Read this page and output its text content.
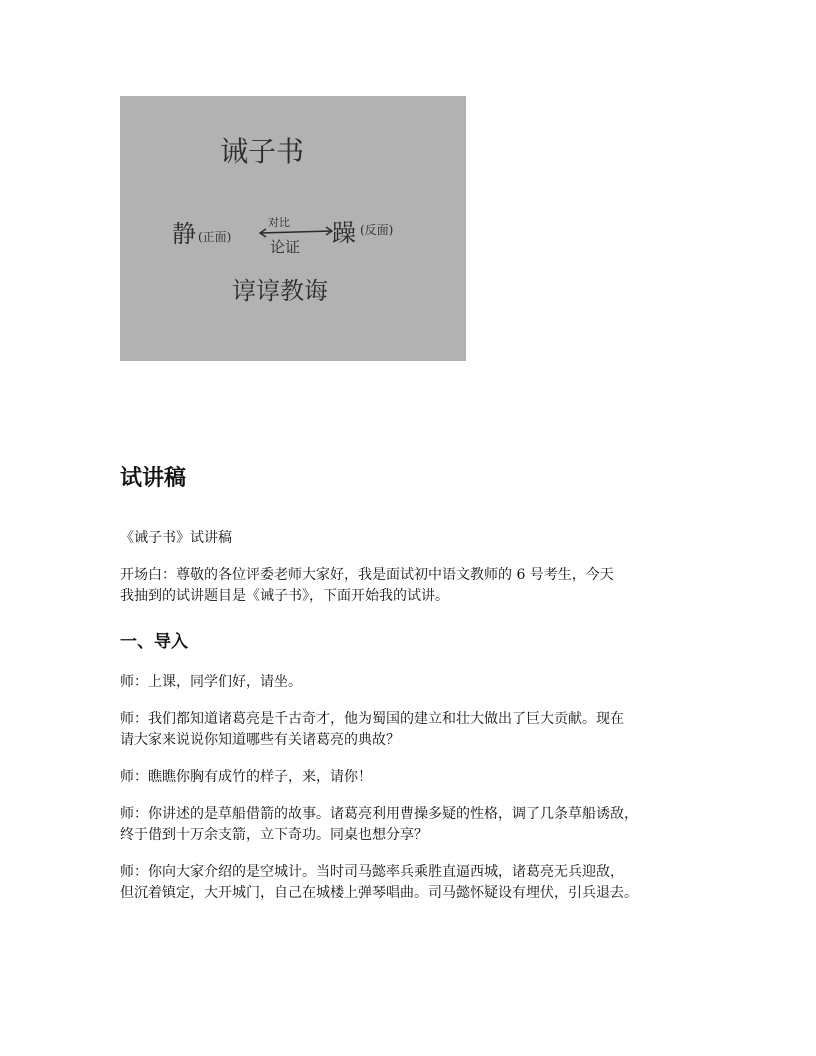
诫子书
静 (正面)
对比
论证 躁 (反面)
谆谆教诲
试讲稿

《诫子书》试讲稿

开场白：尊敬的各位评委老师大家好，我是面试初中语文教师的 6 号考生，今天
我抽到的试讲题目是《诫子书》，下面开始我的试讲。

一、导入

师：上课，同学们好，请坐。

师：我们都知道诸葛亮是千古奇才，他为蜀国的建立和壮大做出了巨大贡献。现在
请大家来说说你知道哪些有关诸葛亮的典故？

师：瞧瞧你胸有成竹的样子，来，请你！

师：你讲述的是草船借箭的故事。诸葛亮利用曹操多疑的性格，调了几条草船诱敌，
终于借到十万余支箭，立下奇功。同桌也想分享？

师：你向大家介绍的是空城计。当时司马懿率兵乘胜直逼西城，诸葛亮无兵迎敌，
但沉着镇定，大开城门，自己在城楼上弹琴唱曲。司马懿怀疑设有埋伏，引兵退去。
